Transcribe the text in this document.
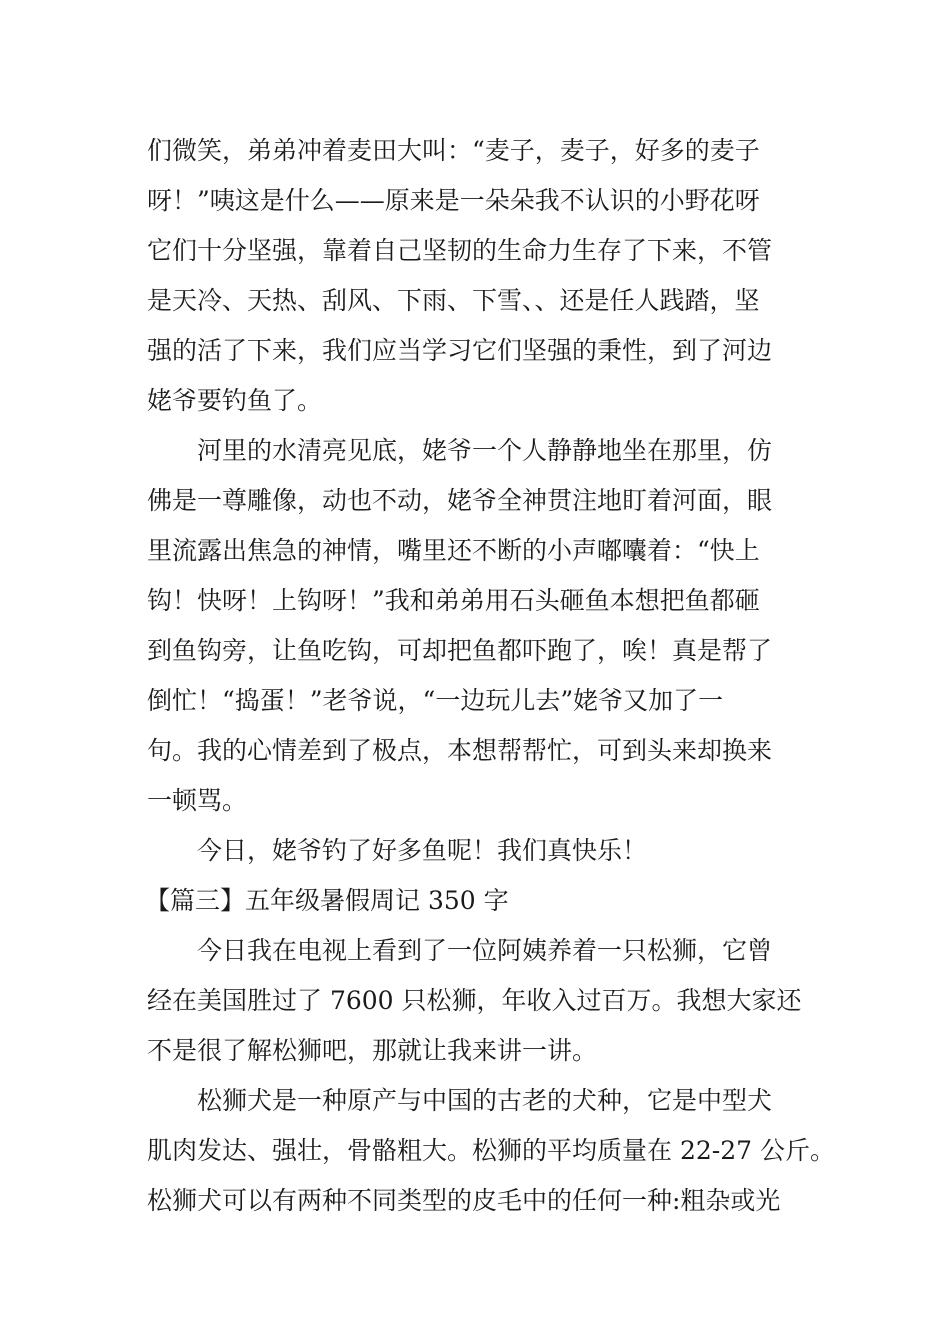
们微笑，弟弟冲着麦田大叫：“麦子，麦子，好多的麦子
呀！”咦这是什么——原来是一朵朵我不认识的小野花呀
它们十分坚强，靠着自己坚韧的生命力生存了下来，不管
是天冷、天热、刮风、下雨、下雪、、还是任人践踏，坚
强的活了下来，我们应当学习它们坚强的秉性，到了河边
姥爷要钓鱼了。
河里的水清亮见底，姥爷一个人静静地坐在那里，仿
佛是一尊雕像，动也不动，姥爷全神贯注地盯着河面，眼
里流露出焦急的神情，嘴里还不断的小声嘟囔着：“快上
钩！快呀！上钩呀！”我和弟弟用石头砸鱼本想把鱼都砸
到鱼钩旁，让鱼吃钩，可却把鱼都吓跑了，唉！真是帮了
倒忙！“捣蛋！”老爷说，“一边玩儿去”姥爷又加了一
句。我的心情差到了极点，本想帮帮忙，可到头来却换来
一顿骂。
今日，姥爷钓了好多鱼呢！我们真快乐！
【篇三】五年级暑假周记 350 字
今日我在电视上看到了一位阿姨养着一只松狮，它曾
经在美国胜过了 7600 只松狮，年收入过百万。我想大家还
不是很了解松狮吧，那就让我来讲一讲。
松狮犬是一种原产与中国的古老的犬种，它是中型犬
肌肉发达、强壮，骨骼粗大。松狮的平均质量在 22-27 公斤。
松狮犬可以有两种不同类型的皮毛中的任何一种:粗杂或光
